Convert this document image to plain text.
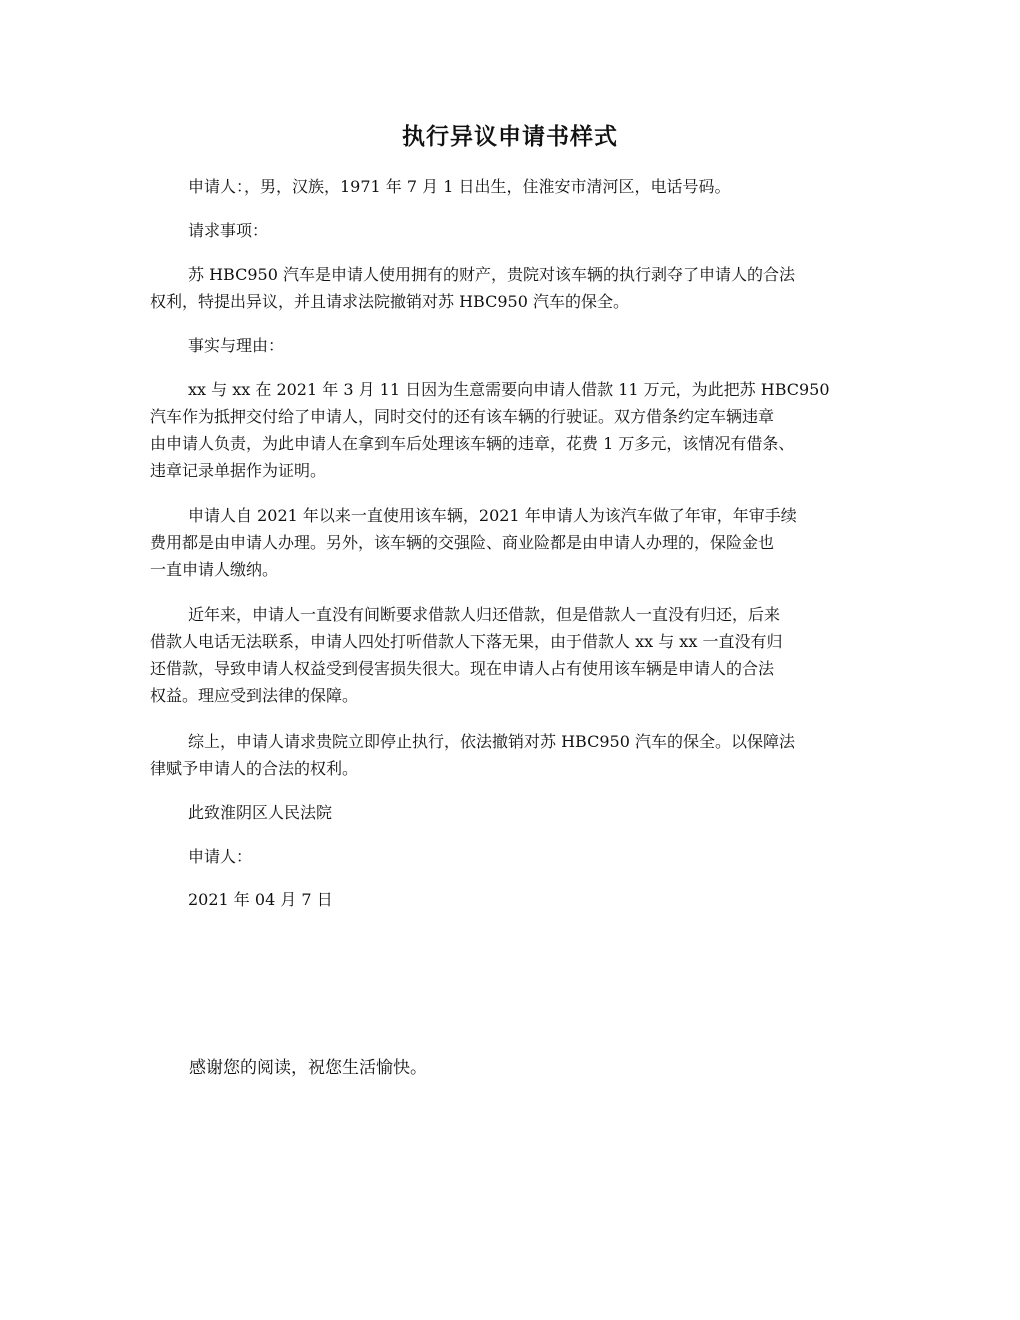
执行异议申请书样式
申请人：，男，汉族，1971 年 7 月 1 日出生，住淮安市清河区，电话号码。
请求事项：
苏 HBC950 汽车是申请人使用拥有的财产，贵院对该车辆的执行剥夺了申请人的合法
权利，特提出异议，并且请求法院撤销对苏 HBC950 汽车的保全。
事实与理由：
xx 与 xx 在 2021 年 3 月 11 日因为生意需要向申请人借款 11 万元，为此把苏 HBC950
汽车作为抵押交付给了申请人，同时交付的还有该车辆的行驶证。双方借条约定车辆违章
由申请人负责，为此申请人在拿到车后处理该车辆的违章，花费 1 万多元，该情况有借条、
违章记录单据作为证明。
申请人自 2021 年以来一直使用该车辆，2021 年申请人为该汽车做了年审，年审手续
费用都是由申请人办理。另外，该车辆的交强险、商业险都是由申请人办理的，保险金也
一直申请人缴纳。
近年来，申请人一直没有间断要求借款人归还借款，但是借款人一直没有归还，后来
借款人电话无法联系，申请人四处打听借款人下落无果，由于借款人 xx 与 xx 一直没有归
还借款，导致申请人权益受到侵害损失很大。现在申请人占有使用该车辆是申请人的合法
权益。理应受到法律的保障。
综上，申请人请求贵院立即停止执行，依法撤销对苏 HBC950 汽车的保全。以保障法
律赋予申请人的合法的权利。
此致淮阴区人民法院
申请人：
2021 年 04 月 7 日
感谢您的阅读，祝您生活愉快。
